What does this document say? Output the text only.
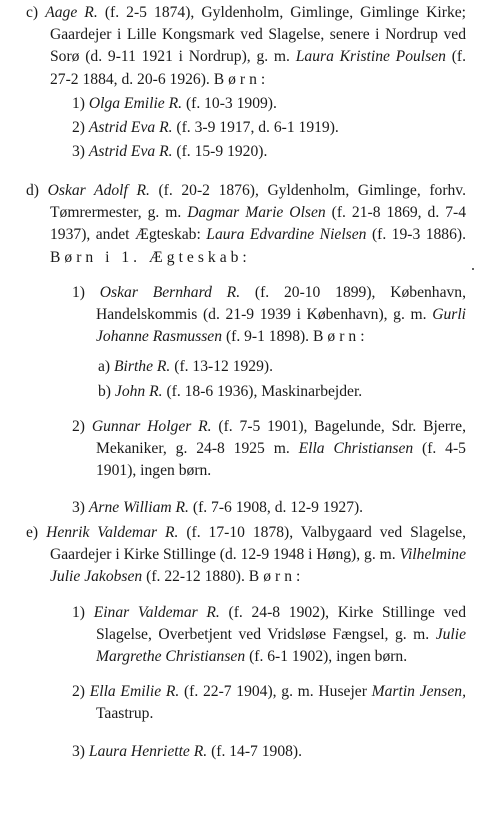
c) Aage R. (f. 2-5 1874), Gyldenholm, Gimlinge, Gimlinge Kirke; Gaardejer i Lille Kongsmark ved Slagelse, senere i Nordrup ved Sorø (d. 9-11 1921 i Nordrup), g. m. Laura Kristine Poulsen (f. 27-2 1884, d. 20-6 1926). Børn:
1) Olga Emilie R. (f. 10-3 1909).
2) Astrid Eva R. (f. 3-9 1917, d. 6-1 1919).
3) Astrid Eva R. (f. 15-9 1920).
d) Oskar Adolf R. (f. 20-2 1876), Gyldenholm, Gimlinge, forhv. Tømrermester, g. m. Dagmar Marie Olsen (f. 21-8 1869, d. 7-4 1937), andet Ægteskab: Laura Edvardine Nielsen (f. 19-3 1886). Børn i 1. Ægteskab:
1) Oskar Bernhard R. (f. 20-10 1899), København, Handelskommis (d. 21-9 1939 i København), g. m. Gurli Johanne Rasmussen (f. 9-1 1898). Børn:
a) Birthe R. (f. 13-12 1929).
b) John R. (f. 18-6 1936), Maskinarbejder.
2) Gunnar Holger R. (f. 7-5 1901), Bagelunde, Sdr. Bjerre, Mekaniker, g. 24-8 1925 m. Ella Christiansen (f. 4-5 1901), ingen børn.
3) Arne William R. (f. 7-6 1908, d. 12-9 1927).
e) Henrik Valdemar R. (f. 17-10 1878), Valbygaard ved Slagelse, Gaardejer i Kirke Stillinge (d. 12-9 1948 i Høng), g. m. Vilhelmine Julie Jakobsen (f. 22-12 1880). Børn:
1) Einar Valdemar R. (f. 24-8 1902), Kirke Stillinge ved Slagelse, Overbetjent ved Vridsløse Fængsel, g. m. Julie Margrethe Christiansen (f. 6-1 1902), ingen børn.
2) Ella Emilie R. (f. 22-7 1904), g. m. Husejer Martin Jensen, Taastrup.
3) Laura Henriette R. (f. 14-7 1908).
